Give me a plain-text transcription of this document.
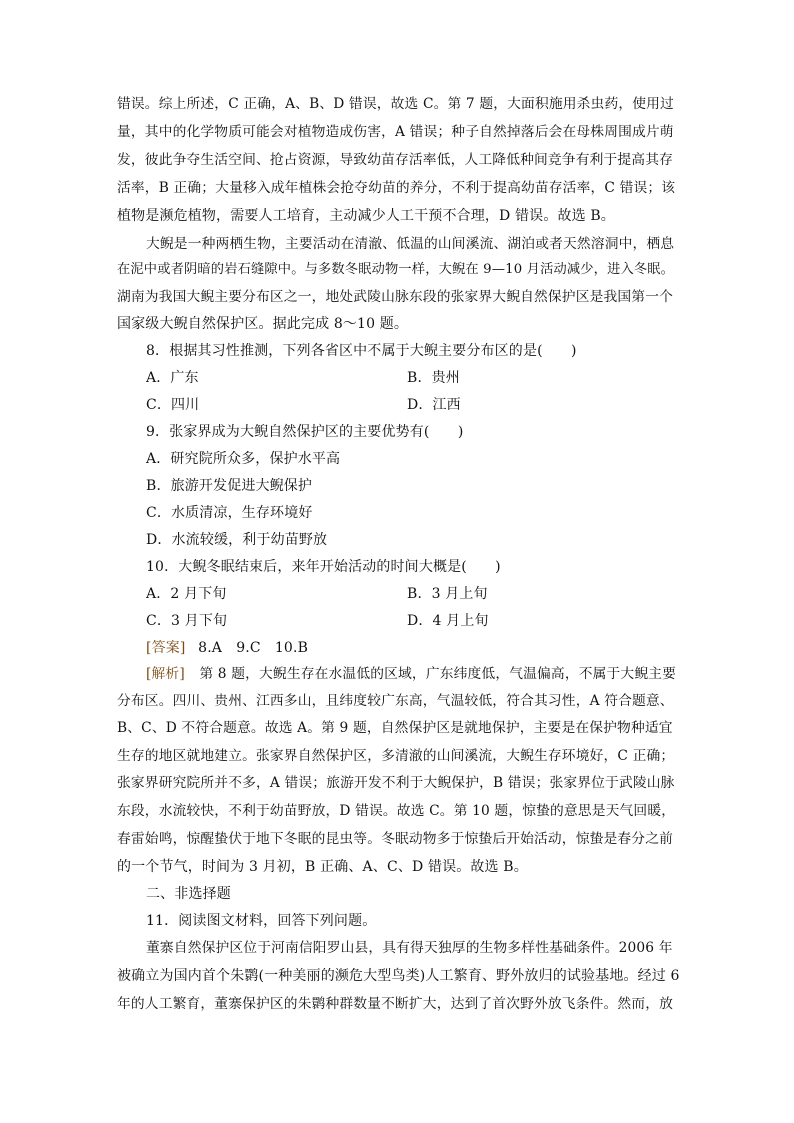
错误。综上所述，C 正确，A、B、D 错误，故选 C。第 7 题，大面积施用杀虫药，使用过
量，其中的化学物质可能会对植物造成伤害，A 错误；种子自然掉落后会在母株周围成片萌
发，彼此争夺生活空间、抢占资源，导致幼苗存活率低，人工降低种间竞争有利于提高其存
活率，B 正确；大量移入成年植株会抢夺幼苗的养分，不利于提高幼苗存活率，C 错误；该
植物是濒危植物，需要人工培育，主动减少人工干预不合理，D 错误。故选 B。
大鲵是一种两栖生物，主要活动在清澈、低温的山间溪流、湖泊或者天然溶洞中，栖息
在泥中或者阴暗的岩石缝隙中。与多数冬眠动物一样，大鲵在 9—10 月活动减少，进入冬眠。
湖南为我国大鲵主要分布区之一，地处武陵山脉东段的张家界大鲵自然保护区是我国第一个
国家级大鲵自然保护区。据此完成 8～10 题。
8．根据其习性推测，下列各省区中不属于大鲵主要分布区的是(　　)
A．广东	B．贵州
C．四川	D．江西
9．张家界成为大鲵自然保护区的主要优势有(　　)
A．研究院所众多，保护水平高
B．旅游开发促进大鲵保护
C．水质清凉，生存环境好
D．水流较缓，利于幼苗野放
10．大鲵冬眠结束后，来年开始活动的时间大概是(　　)
A．2 月下旬	B．3 月上旬
C．3 月下旬	D．4 月上旬
[答案] 8.A　9.C　10.B
[解析] 第 8 题，大鲵生存在水温低的区域，广东纬度低，气温偏高，不属于大鲵主要
分布区。四川、贵州、江西多山，且纬度较广东高，气温较低，符合其习性，A 符合题意、
B、C、D 不符合题意。故选 A。第 9 题，自然保护区是就地保护，主要是在保护物种适宜
生存的地区就地建立。张家界自然保护区，多清澈的山间溪流，大鲵生存环境好，C 正确；
张家界研究院所并不多，A 错误；旅游开发不利于大鲵保护，B 错误；张家界位于武陵山脉
东段，水流较快，不利于幼苗野放，D 错误。故选 C。第 10 题，惊蛰的意思是天气回暖，
春雷始鸣，惊醒蛰伏于地下冬眠的昆虫等。冬眠动物多于惊蛰后开始活动，惊蛰是春分之前
的一个节气，时间为 3 月初，B 正确、A、C、D 错误。故选 B。
二、非选择题
11．阅读图文材料，回答下列问题。
董寨自然保护区位于河南信阳罗山县，具有得天独厚的生物多样性基础条件。2006 年
被确立为国内首个朱鹮(一种美丽的濒危大型鸟类)人工繁育、野外放归的试验基地。经过 6
年的人工繁育，董寨保护区的朱鹮种群数量不断扩大，达到了首次野外放飞条件。然而，放
